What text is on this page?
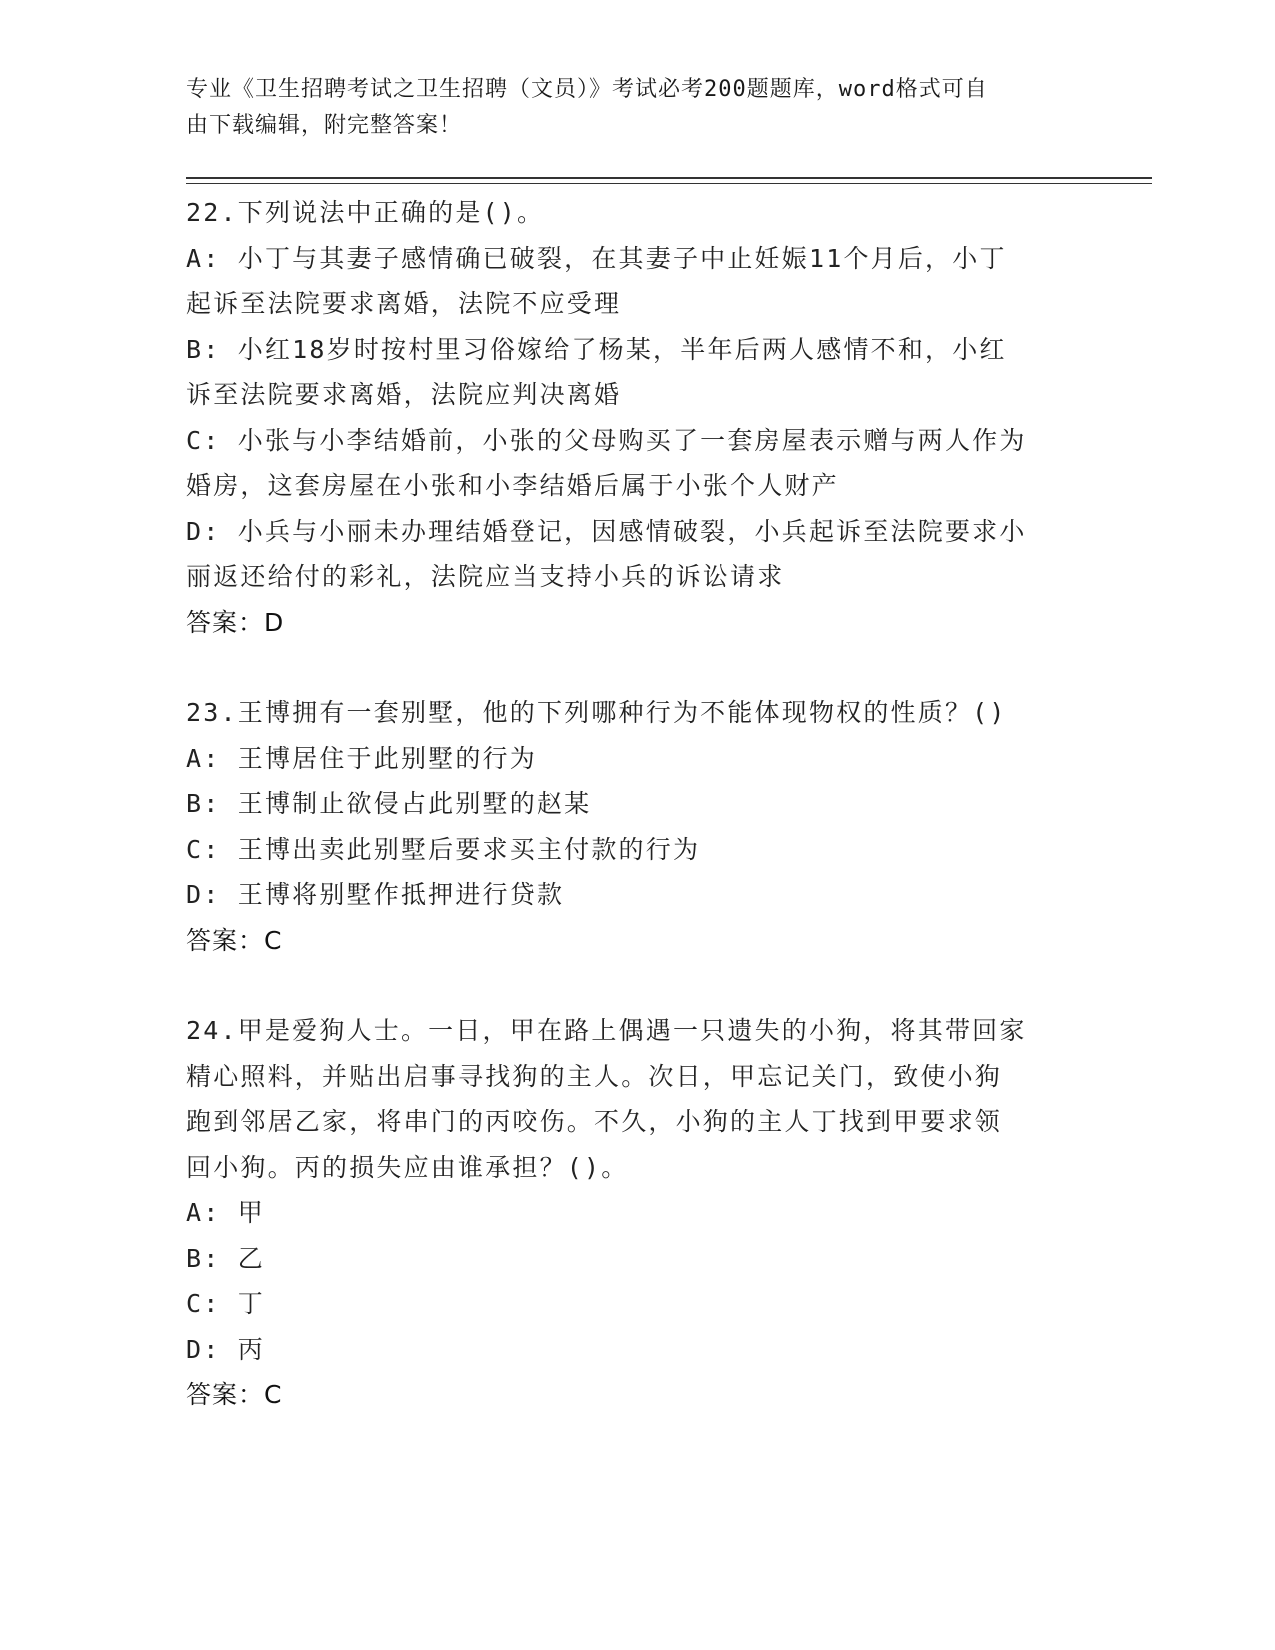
专业《卫生招聘考试之卫生招聘（文员）》考试必考200题题库，word格式可自
由下载编辑，附完整答案！
22.下列说法中正确的是()。
A: 小丁与其妻子感情确已破裂，在其妻子中止妊娠11个月后，小丁
起诉至法院要求离婚，法院不应受理
B: 小红18岁时按村里习俗嫁给了杨某，半年后两人感情不和，小红
诉至法院要求离婚，法院应判决离婚
C: 小张与小李结婚前，小张的父母购买了一套房屋表示赠与两人作为
婚房，这套房屋在小张和小李结婚后属于小张个人财产
D: 小兵与小丽未办理结婚登记，因感情破裂，小兵起诉至法院要求小
丽返还给付的彩礼，法院应当支持小兵的诉讼请求
答案：D
23.王博拥有一套别墅，他的下列哪种行为不能体现物权的性质？()
A: 王博居住于此别墅的行为
B: 王博制止欲侵占此别墅的赵某
C: 王博出卖此别墅后要求买主付款的行为
D: 王博将别墅作抵押进行贷款
答案：C
24.甲是爱狗人士。一日，甲在路上偶遇一只遗失的小狗，将其带回家
精心照料，并贴出启事寻找狗的主人。次日，甲忘记关门，致使小狗
跑到邻居乙家，将串门的丙咬伤。不久，小狗的主人丁找到甲要求领
回小狗。丙的损失应由谁承担？()。
A: 甲
B: 乙
C: 丁
D: 丙
答案：C
